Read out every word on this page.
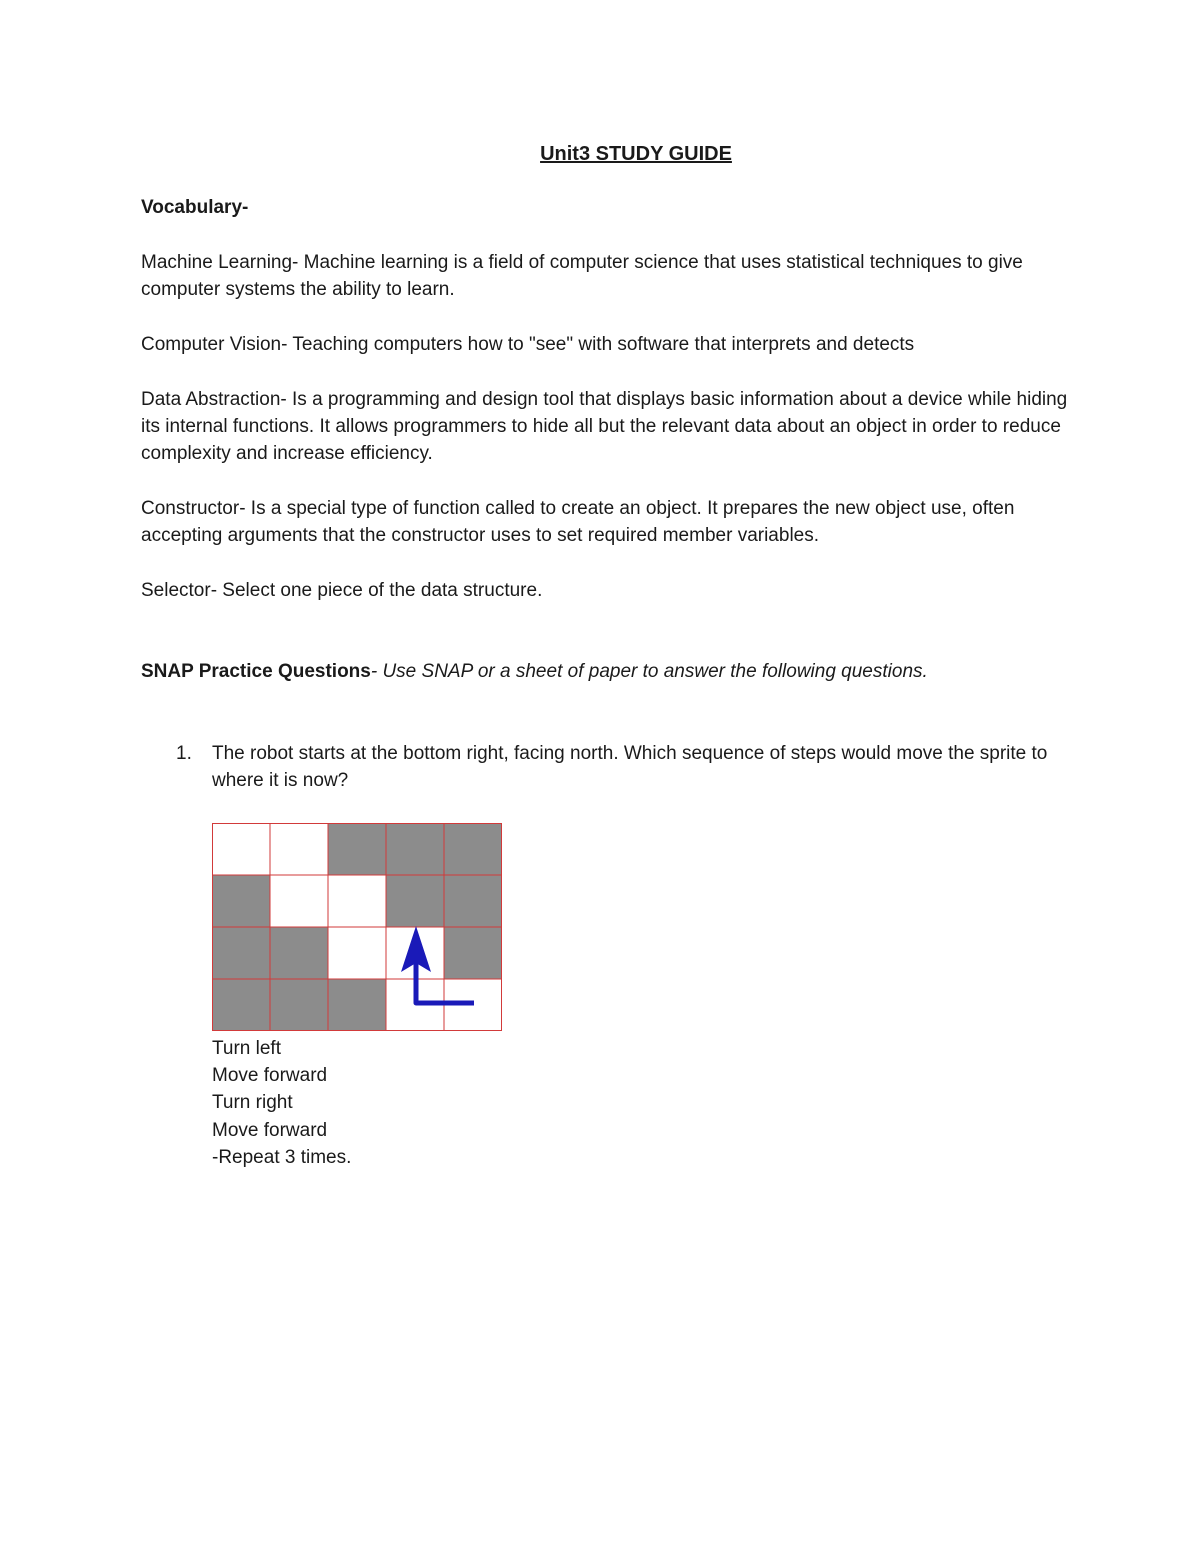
Unit3 STUDY GUIDE

Vocabulary-

Machine Learning- Machine learning is a field of computer science that uses statistical techniques to give computer systems the ability to learn.

Computer Vision- Teaching computers how to "see" with software that interprets and detects

Data Abstraction- Is a programming and design tool that displays basic information about a device while hiding its internal functions. It allows programmers to hide all but the relevant data about an object in order to reduce complexity and increase efficiency.

Constructor- Is a special type of function called to create an object. It prepares the new object use, often accepting arguments that the constructor uses to set required member variables.

Selector- Select one piece of the data structure.

SNAP Practice Questions- Use SNAP or a sheet of paper to answer the following questions.

1.	The robot starts at the bottom right, facing north. Which sequence of steps would move the sprite to where it is now?
Turn left
Move forward
Turn right
Move forward
-Repeat 3 times.
